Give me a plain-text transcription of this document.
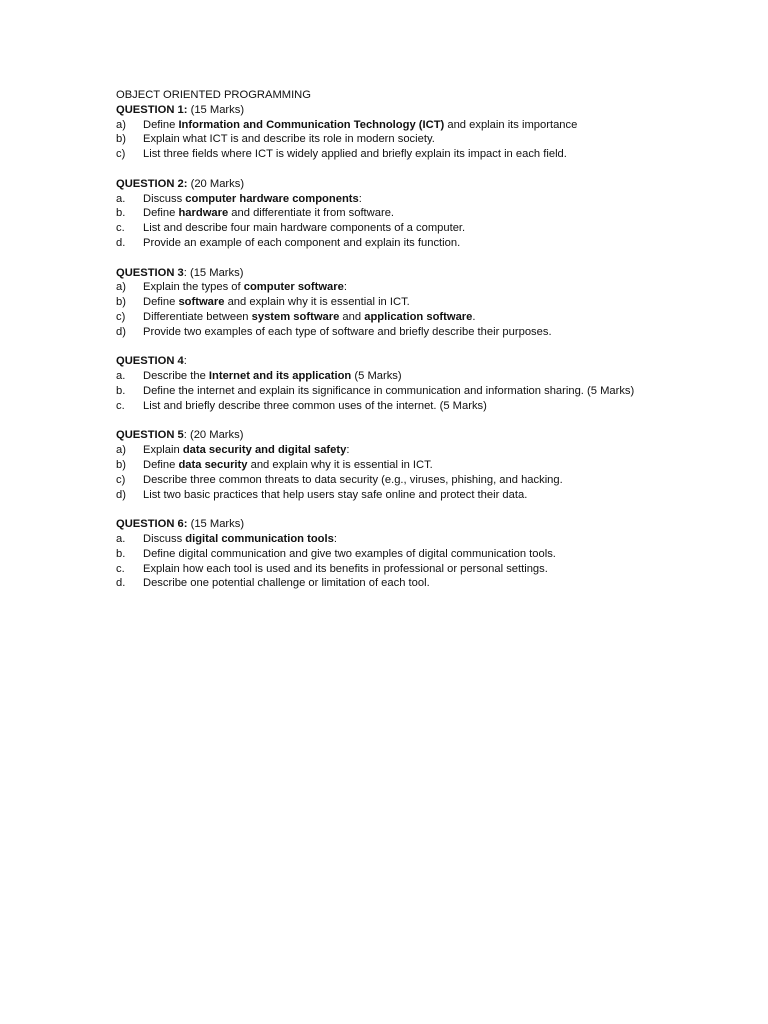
OBJECT ORIENTED PROGRAMMING

QUESTION 1: (15 Marks)

a)	Define Information and Communication Technology (ICT) and explain its importance
b)	Explain what ICT is and describe its role in modern society.
c)	List three fields where ICT is widely applied and briefly explain its impact in each field.

QUESTION 2: (20 Marks)

a.	Discuss computer hardware components:
b.	Define hardware and differentiate it from software.
c.	List and describe four main hardware components of a computer.
d.	Provide an example of each component and explain its function.

QUESTION 3: (15 Marks)

a)	Explain the types of computer software:
b)	Define software and explain why it is essential in ICT.
c)	Differentiate between system software and application software.
d)	Provide two examples of each type of software and briefly describe their purposes.

QUESTION 4:

a.	Describe the Internet and its application (5 Marks)
b.	Define the internet and explain its significance in communication and information sharing. (5 Marks)
c.	List and briefly describe three common uses of the internet. (5 Marks)

QUESTION 5: (20 Marks)

a)	Explain data security and digital safety:
b)	Define data security and explain why it is essential in ICT.
c)	Describe three common threats to data security (e.g., viruses, phishing, and hacking.
d)	List two basic practices that help users stay safe online and protect their data.

QUESTION 6: (15 Marks)

a.	Discuss digital communication tools:
b.	Define digital communication and give two examples of digital communication tools.
c.	Explain how each tool is used and its benefits in professional or personal settings.
d.	Describe one potential challenge or limitation of each tool.
